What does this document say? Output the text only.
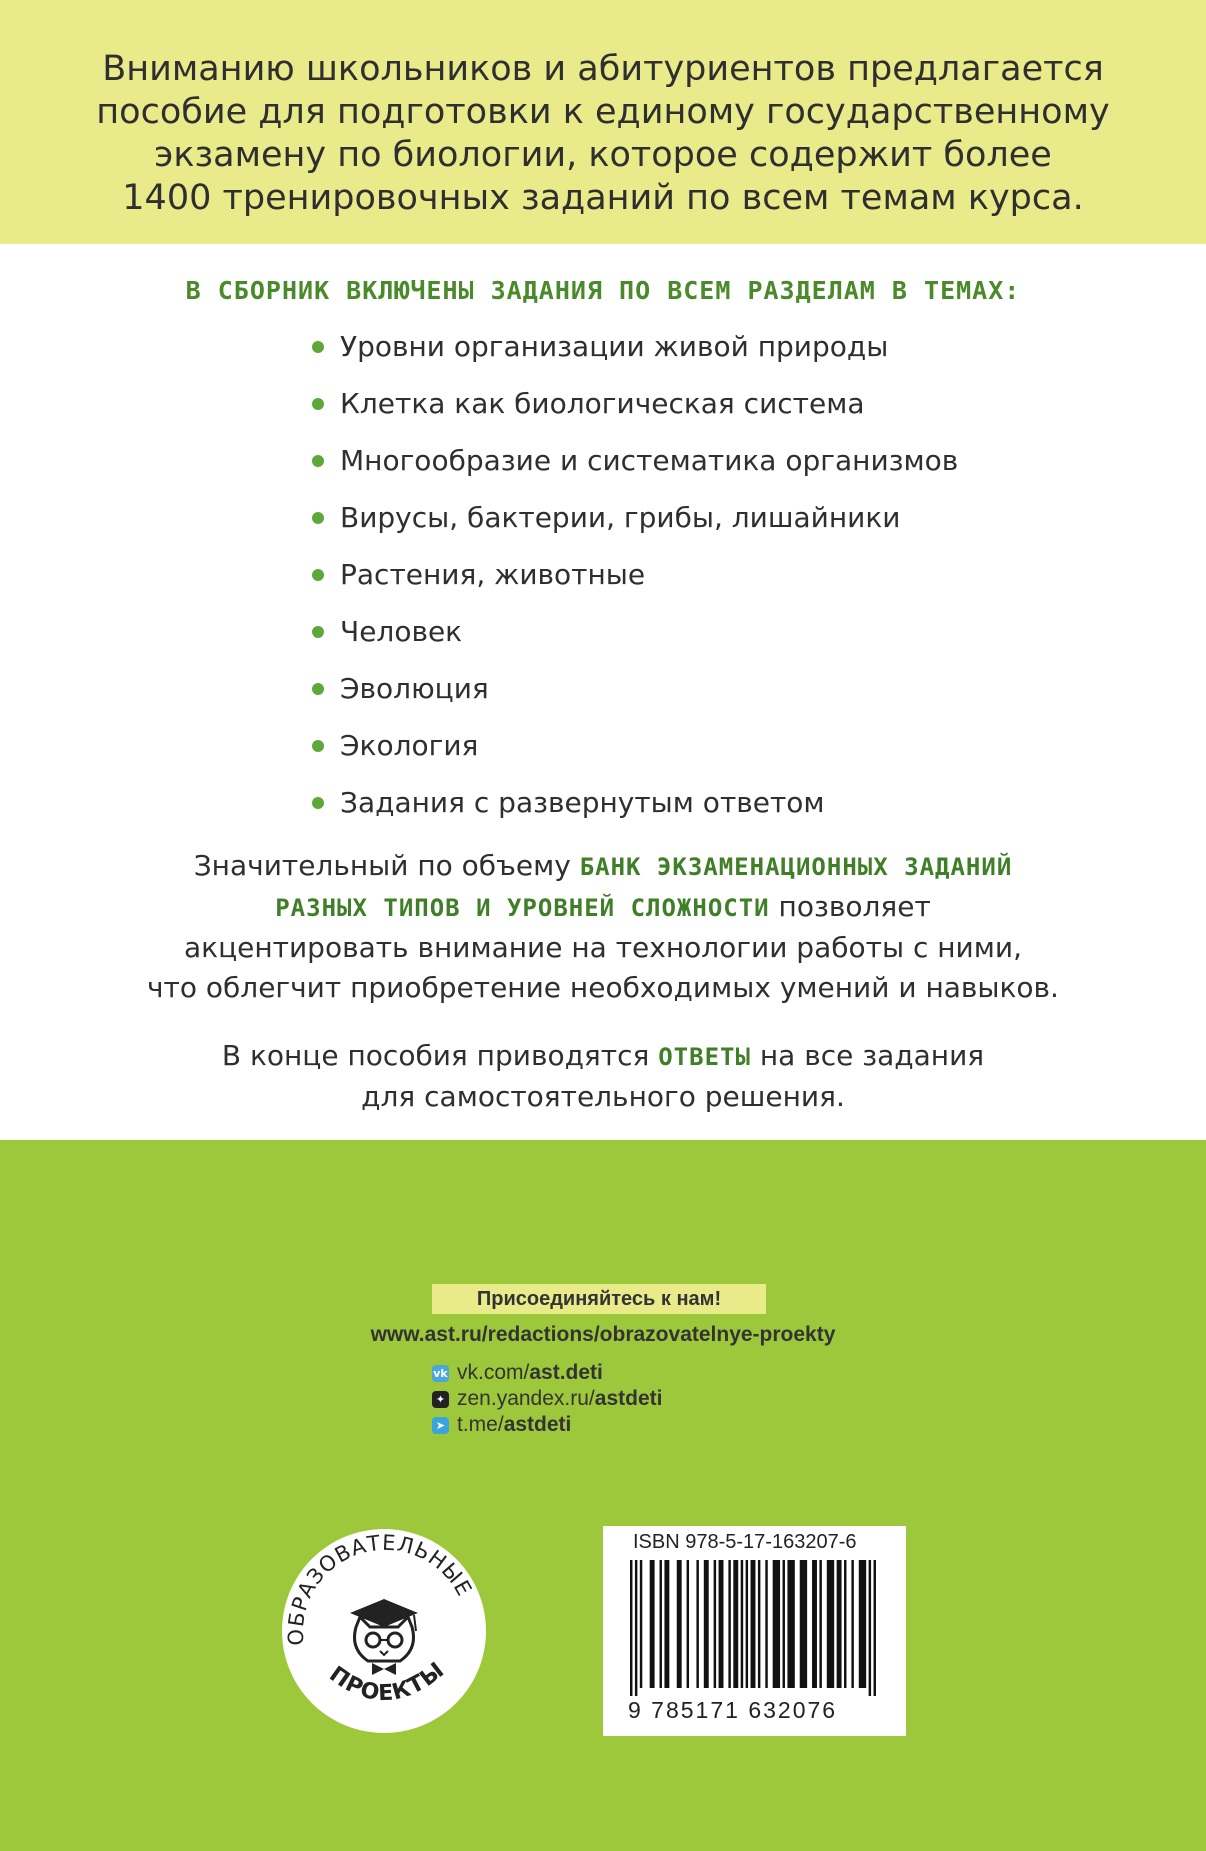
Вниманию школьников и абитуриентов предлагается
пособие для подготовки к единому государственному
экзамену по биологии, которое содержит более
1400 тренировочных заданий по всем темам курса.
В СБОРНИК ВКЛЮЧЕНЫ ЗАДАНИЯ ПО ВСЕМ РАЗДЕЛАМ В ТЕМАХ:
Уровни организации живой природы
Клетка как биологическая система
Многообразие и систематика организмов
Вирусы, бактерии, грибы, лишайники
Растения, животные
Человек
Эволюция
Экология
Задания с развернутым ответом
Значительный по объему БАНК ЭКЗАМЕНАЦИОННЫХ ЗАДАНИЙ
РАЗНЫХ ТИПОВ И УРОВНЕЙ СЛОЖНОСТИ позволяет
акцентировать внимание на технологии работы с ними,
что облегчит приобретение необходимых умений и навыков.
В конце пособия приводятся ОТВЕТЫ на все задания
для самостоятельного решения.
Присоединяйтесь к нам!
www.ast.ru/redactions/obrazovatelnye-proekty
vk vk.com/ ast.deti
✦ zen.yandex.ru/ astdeti
➤ t.me/ astdeti
ОБРАЗОВАТЕЛЬНЫЕ
ПРОЕКТЫ
ISBN 978-5-17-163207-6
9 785171 632076
